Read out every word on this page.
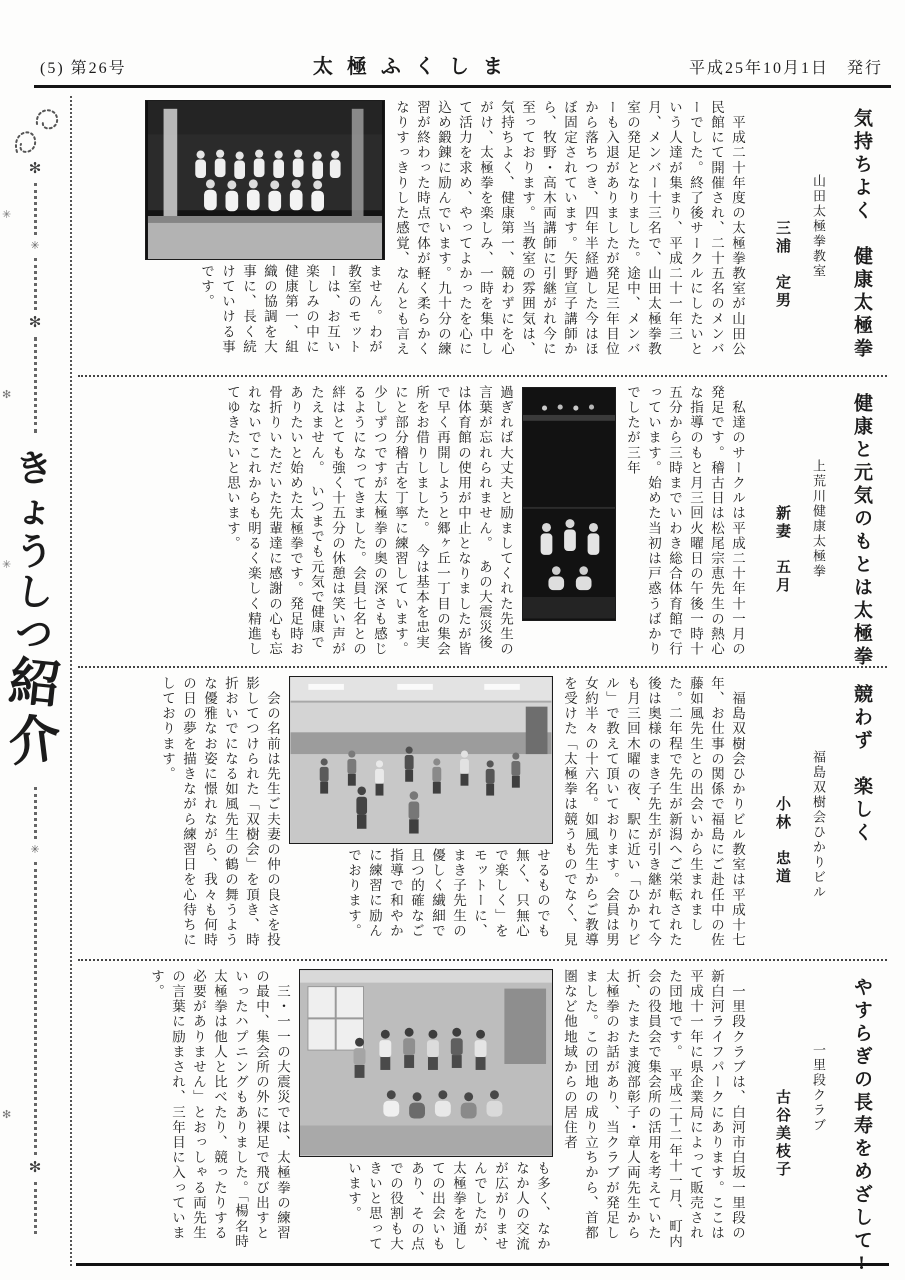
(5) 第26号	太極ふくしま	平成25年10月1日　発行
✳
✻
✳
✻
✻
✳
✻
き
ょ
う
し
つ
紹
介
✳
✻
気持ちよく　健康太極拳
山田太極拳教室
三浦　定男
　平成二十年度の太極拳教室が山田公民館にて開催され、二十五名のメンバーでした。終了後サークルにしたいという人達が集まり、平成二十一年三月、メンバー十三名で、山田太極拳教室の発足となりました。途中、メンバーも入退がありましたが発足三年目位から落ちつき、四年半経過した今はほぼ固定されています。矢野宣子講師から、牧野・高木両講師に引継がれ今に至っております。当教室の雰囲気は、気持ちよく、健康第一、競わずにを心がけ、太極拳を楽しみ、一時を集中して活力を求め、やってよかったを心に込め鍛錬に励んでいます。九十分の練習が終わった時点で体が軽く柔らかくなりすっきりした感覚、なんとも言え
ません。わが教室のモットーは、お互い楽しみの中に健康第一、組織の協調を大事に、長く続けていける事です。
健康と元気のもとは太極拳
上荒川健康太極拳
新妻　五月
　私達のサークルは平成二十年十一月の発足です。稽古日は松尾宗恵先生の熱心な指導のもと月三回火曜日の午後一時十五分から三時までいわき総合体育館で行っています。始めた当初は戸惑うばかりでしたが三年
過ぎれば大丈夫と励ましてくれた先生の言葉が忘れられません。　あの大震災後は体育館の使用が中止となりましたが皆で早く再開しようと郷ヶ丘一丁目の集会所をお借りしました。　今は基本を忠実にと部分稽古を丁寧に練習しています。少しずつですが太極拳の奥の深さも感じるようになってきました。会員七名との絆はとても強く十五分の休憩は笑い声がたえません。　いつまでも元気で健康でありたいと始めた太極拳です。発足時お骨折りいただいた先輩達に感謝の心も忘れないでこれからも明るく楽しく精進してゆきたいと思います。
競わず　楽しく
福島双樹会ひかりビル
小林　忠道
　福島双樹会ひかりビル教室は平成十七年、お仕事の関係で福島にご赴任中の佐藤如風先生との出会いから生まれました。二年程で先生が新潟へご栄転された後は奥様のまき子先生が引き継がれて今も月三回木曜の夜、駅に近い「ひかりビル」で教えて頂いております。会員は男女約半々の十六名。如風先生からご教導を受けた「太極拳は競うものでなく、見
せるものでも無く、只無心で楽しく」をモットーに、まき子先生の優しく繊細で且つ的確なご指導で和やかに練習に励んでおります。
　会の名前は先生ご夫妻の仲の良さを投影してつけられた「双樹会」を頂き、時折おいでになる如風先生の鶴の舞うような優雅なお姿に憬れながら、我々も何時の日の夢を描きながら練習日を心待ちにしております。
やすらぎの長寿をめざして!
一里段クラブ
古谷美枝子
　一里段クラブは、白河市白坂一里段の新白河ライフパークにあります。ここは平成十一年に県企業局によって販売された団地です。　平成二十二年十一月、町内会の役員会で集会所の活用を考えていた折、たまたま渡部彰子・章人両先生から太極拳のお話があり、当クラブが発足しました。この団地の成り立ちから、首都圏など他地域からの居住者
も多く、なかなか人の交流が広がりませんでしたが、太極拳を通しての出会いもあり、その点での役割も大きいと思っています。
　三・一一の大震災では、太極拳の練習の最中、集会所の外に裸足で飛び出すといったハプニングもありました。「楊名時太極拳は他人と比べたり、競ったりする必要がありません」とおっしゃる両先生の言葉に励まされ、三年目に入っています。
